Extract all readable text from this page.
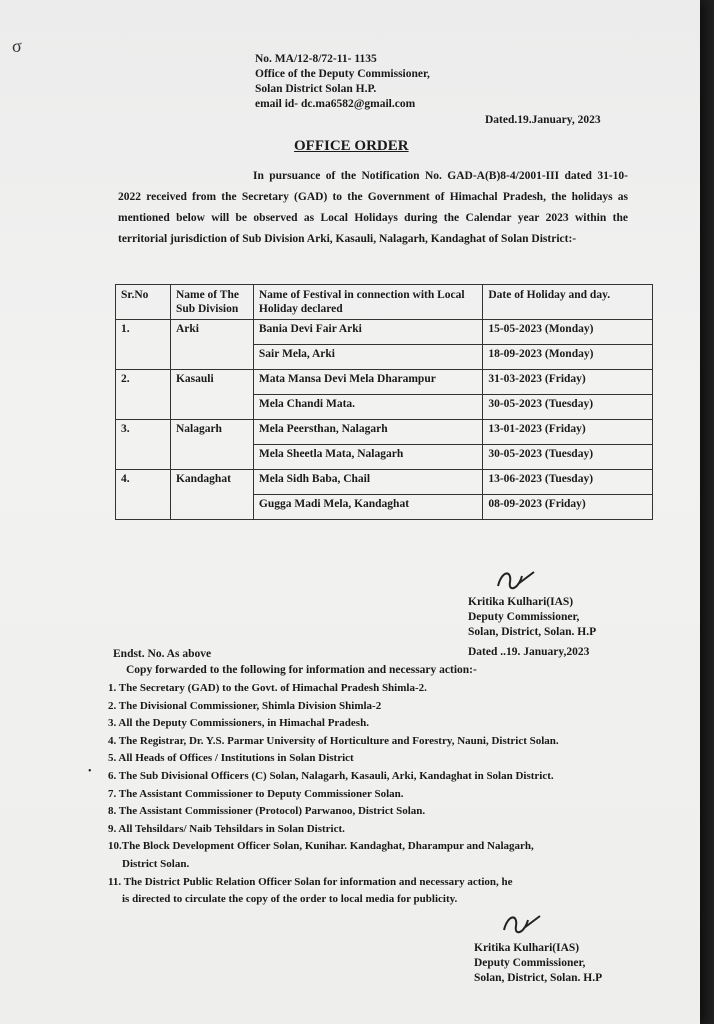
σ
No. MA/12-8/72-11- 1135
Office of the Deputy Commissioner,
Solan District Solan H.P.
email id- dc.ma6582@gmail.com
Dated.19.January, 2023
OFFICE ORDER
In pursuance of the Notification No. GAD-A(B)8-4/2001-III dated 31-10-2022 received from the Secretary (GAD) to the Government of Himachal Pradesh, the holidays as mentioned below will be observed as Local Holidays during the Calendar year 2023 within the territorial jurisdiction of Sub Division Arki, Kasauli, Nalagarh, Kandaghat of Solan District:-
Sr.No	Name of The Sub Division	Name of Festival in connection with Local Holiday declared	Date of Holiday and day.
1.	Arki	Bania Devi Fair Arki	15-05-2023 (Monday)
		Sair Mela, Arki	18-09-2023 (Monday)
2.	Kasauli	Mata Mansa Devi Mela Dharampur	31-03-2023 (Friday)
		Mela Chandi Mata.	30-05-2023 (Tuesday)
3.	Nalagarh	Mela Peersthan, Nalagarh	13-01-2023 (Friday)
		Mela Sheetla Mata, Nalagarh	30-05-2023 (Tuesday)
4.	Kandaghat	Mela Sidh Baba, Chail	13-06-2023 (Tuesday)
		Gugga Madi Mela, Kandaghat	08-09-2023 (Friday)
Kritika Kulhari(IAS)
Deputy Commissioner,
Solan, District, Solan. H.P
Endst. No. As above	Dated ..19. January,2023
Copy forwarded to the following for information and necessary action:-
•
1. The Secretary (GAD) to the Govt. of Himachal Pradesh Shimla-2.
2. The Divisional Commissioner, Shimla Division Shimla-2
3. All the Deputy Commissioners, in Himachal Pradesh.
4. The Registrar, Dr. Y.S. Parmar University of Horticulture and Forestry, Nauni, District Solan.
5. All Heads of Offices / Institutions in Solan District
6. The Sub Divisional Officers (C) Solan, Nalagarh, Kasauli, Arki, Kandaghat in Solan District.
7. The Assistant Commissioner to Deputy Commissioner Solan.
8. The Assistant Commissioner (Protocol) Parwanoo, District Solan.
9. All Tehsildars/ Naib Tehsildars in Solan District.
10.The Block Development Officer Solan, Kunihar. Kandaghat, Dharampur and Nalagarh,
District Solan.
11. The District Public Relation Officer Solan for information and necessary action, he
is directed to circulate the copy of the order to local media for publicity.
Kritika Kulhari(IAS)
Deputy Commissioner,
Solan, District, Solan. H.P
